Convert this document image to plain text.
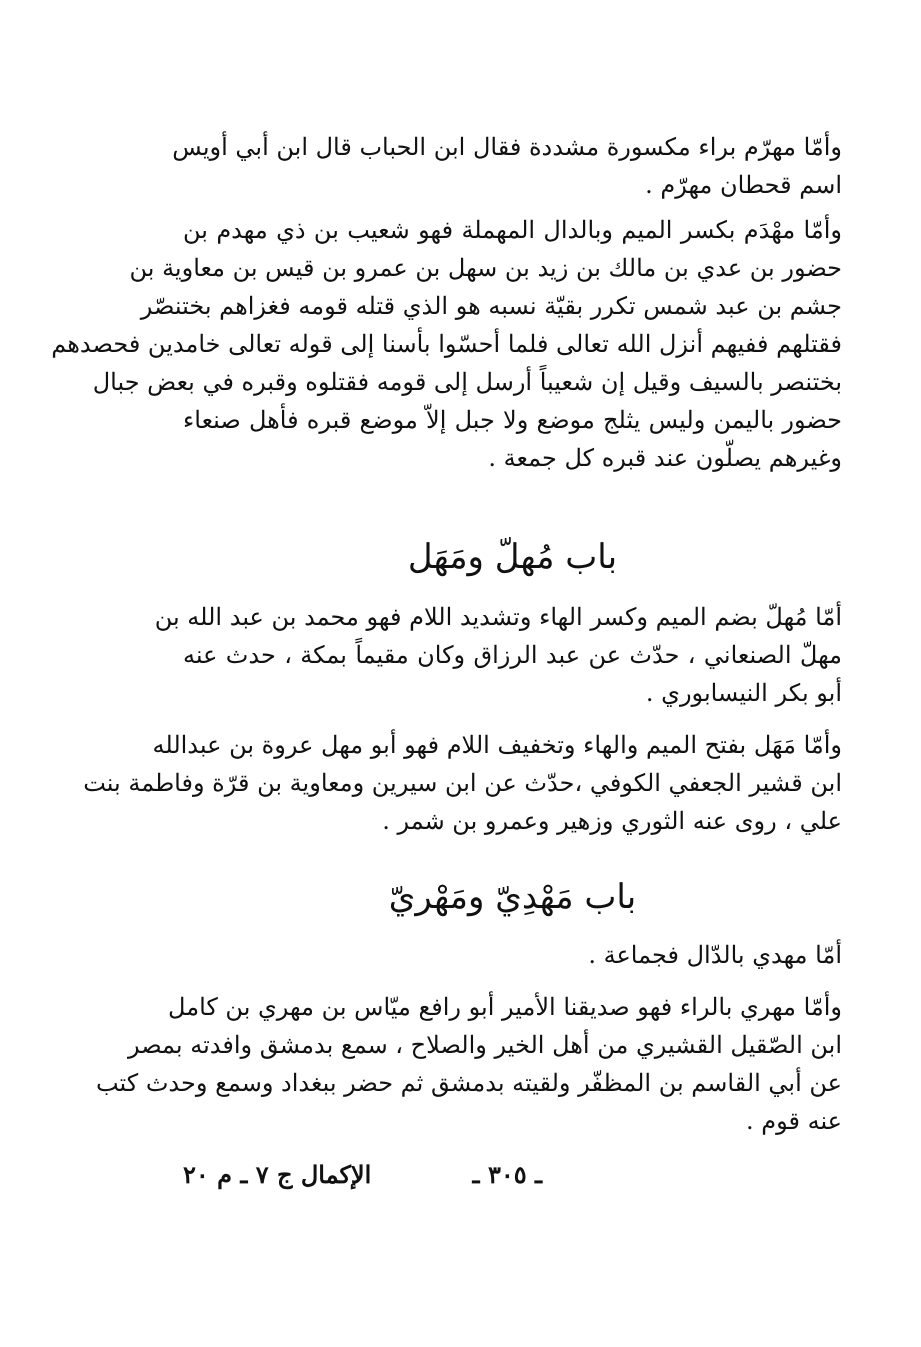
وأمّا مهرّم براء مكسورة مشددة فقال ابن الحباب قال ابن أبي أويس
اسم قحطان مهرّم .
وأمّا مهْدَم بكسر الميم وبالدال المهملة فهو شعيب بن ذي مهدم بن
حضور بن عدي بن مالك بن زيد بن سهل بن عمرو بن قيس بن معاوية بن
جشم بن عبد شمس تكرر بقيّة نسبه هو الذي قتله قومه فغزاهم بختنصّر
فقتلهم ففيهم أنزل الله تعالى فلما أحسّوا بأسنا إلى قوله تعالى خامدين فحصدهم
بختنصر بالسيف وقيل إن شعيباً أرسل إلى قومه فقتلوه وقبره في بعض جبال
حضور باليمن وليس يثلج موضع ولا جبل إلاّ موضع قبره فأهل صنعاء
وغيرهم يصلّون عند قبره كل جمعة .
باب مُهلّ ومَهَل
أمّا مُهلّ بضم الميم وكسر الهاء وتشديد اللام فهو محمد بن عبد الله بن
مهلّ الصنعاني ، حدّث عن عبد الرزاق وكان مقيماً بمكة ، حدث عنه
أبو بكر النيسابوري .
وأمّا مَهَل بفتح الميم والهاء وتخفيف اللام فهو أبو مهل عروة بن عبدالله
ابن قشير الجعفي الكوفي ،حدّث عن ابن سيرين ومعاوية بن قرّة وفاطمة بنت
علي ، روى عنه الثوري وزهير وعمرو بن شمر .
باب مَهْدِيّ ومَهْريّ
أمّا مهدي بالدّال فجماعة .
وأمّا مهري بالراء فهو صديقنا الأمير أبو رافع ميّاس بن مهري بن كامل
ابن الصّقيل القشيري من أهل الخير والصلاح ، سمع بدمشق وافدته بمصر
عن أبي القاسم بن المظفّر ولقيته بدمشق ثم حضر ببغداد وسمع وحدث كتب
عنه قوم .
ـ ٣٠٥ ـ
الإكمال ج ٧ ـ م ٢٠
